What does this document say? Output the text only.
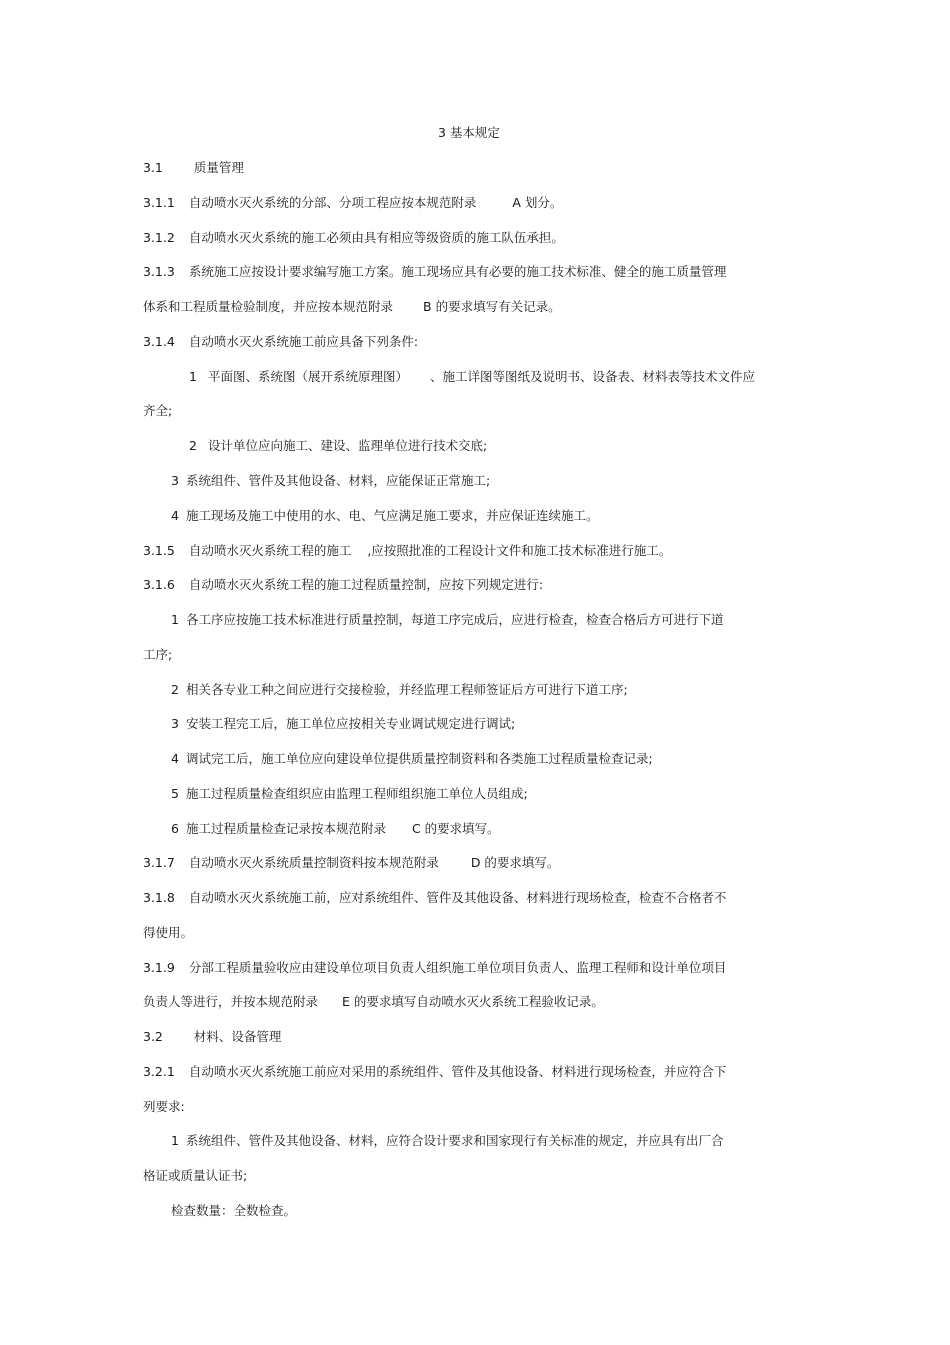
3 基本规定
3.1 质量管理
3.1.1 自动喷水灭火系统的分部、分项工程应按本规范附录	A 划分。
3.1.2 自动喷水灭火系统的施工必须由具有相应等级资质的施工队伍承担。
3.1.3 系统施工应按设计要求编写施工方案。施工现场应具有必要的施工技术标准、健全的施工质量管理
体系和工程质量检验制度，并应按本规范附录 B 的要求填写有关记录。
3.1.4 自动喷水灭火系统施工前应具备下列条件:
1 平面图、系统图（展开系统原理图） 、施工详图等图纸及说明书、设备表、材料表等技术文件应
齐全;
2 设计单位应向施工、建设、监理单位进行技术交底;
3 系统组件、管件及其他设备、材料，应能保证正常施工;
4 施工现场及施工中使用的水、电、气应满足施工要求，并应保证连续施工。
3.1.5 自动喷水灭火系统工程的施工 ,应按照批准的工程设计文件和施工技术标准进行施工。
3.1.6 自动喷水灭火系统工程的施工过程质量控制，应按下列规定进行:
1 各工序应按施工技术标准进行质量控制，每道工序完成后，应进行检查，检查合格后方可进行下道
工序;
2 相关各专业工种之间应进行交接检验，并经监理工程师签证后方可进行下道工序;
3 安装工程完工后，施工单位应按相关专业调试规定进行调试;
4 调试完工后，施工单位应向建设单位提供质量控制资料和各类施工过程质量检查记录;
5 施工过程质量检查组织应由监理工程师组织施工单位人员组成;
6 施工过程质量检查记录按本规范附录 C 的要求填写。
3.1.7 自动喷水灭火系统质量控制资料按本规范附录	D 的要求填写。
3.1.8 自动喷水灭火系统施工前，应对系统组件、管件及其他设备、材料进行现场检查，检查不合格者不
得使用。
3.1.9 分部工程质量验收应由建设单位项目负责人组织施工单位项目负责人、监理工程师和设计单位项目
负责人等进行，并按本规范附录 E 的要求填写自动喷水灭火系统工程验收记录。
3.2 材料、设备管理
3.2.1 自动喷水灭火系统施工前应对采用的系统组件、管件及其他设备、材料进行现场检查，并应符合下
列要求:
1 系统组件、管件及其他设备、材料，应符合设计要求和国家现行有关标准的规定，并应具有出厂合
格证或质量认证书;
检查数量：全数检查。
